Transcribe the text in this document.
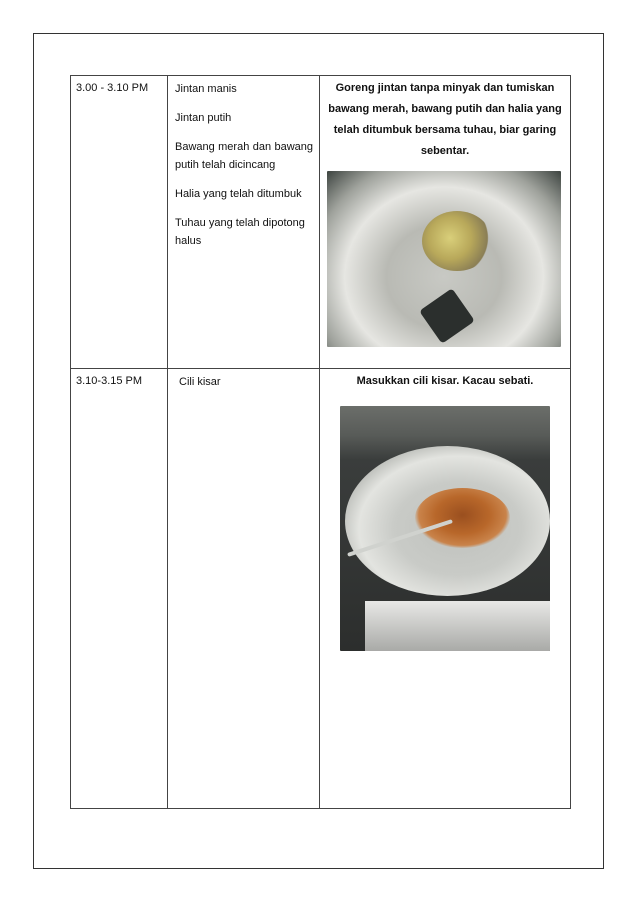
3.00 - 3.10 PM	Jintan manis

Jintan putih

Bawang merah dan bawang putih telah dicincang

Halia yang telah ditumbuk

Tuhau yang telah dipotong halus	Goreng jintan tanpa minyak dan tumiskan bawang merah, bawang putih dan halia yang telah ditumbuk bersama tuhau, biar garing sebentar.

3.10-3.15 PM	Cili kisar	Masukkan cili kisar. Kacau sebati.
